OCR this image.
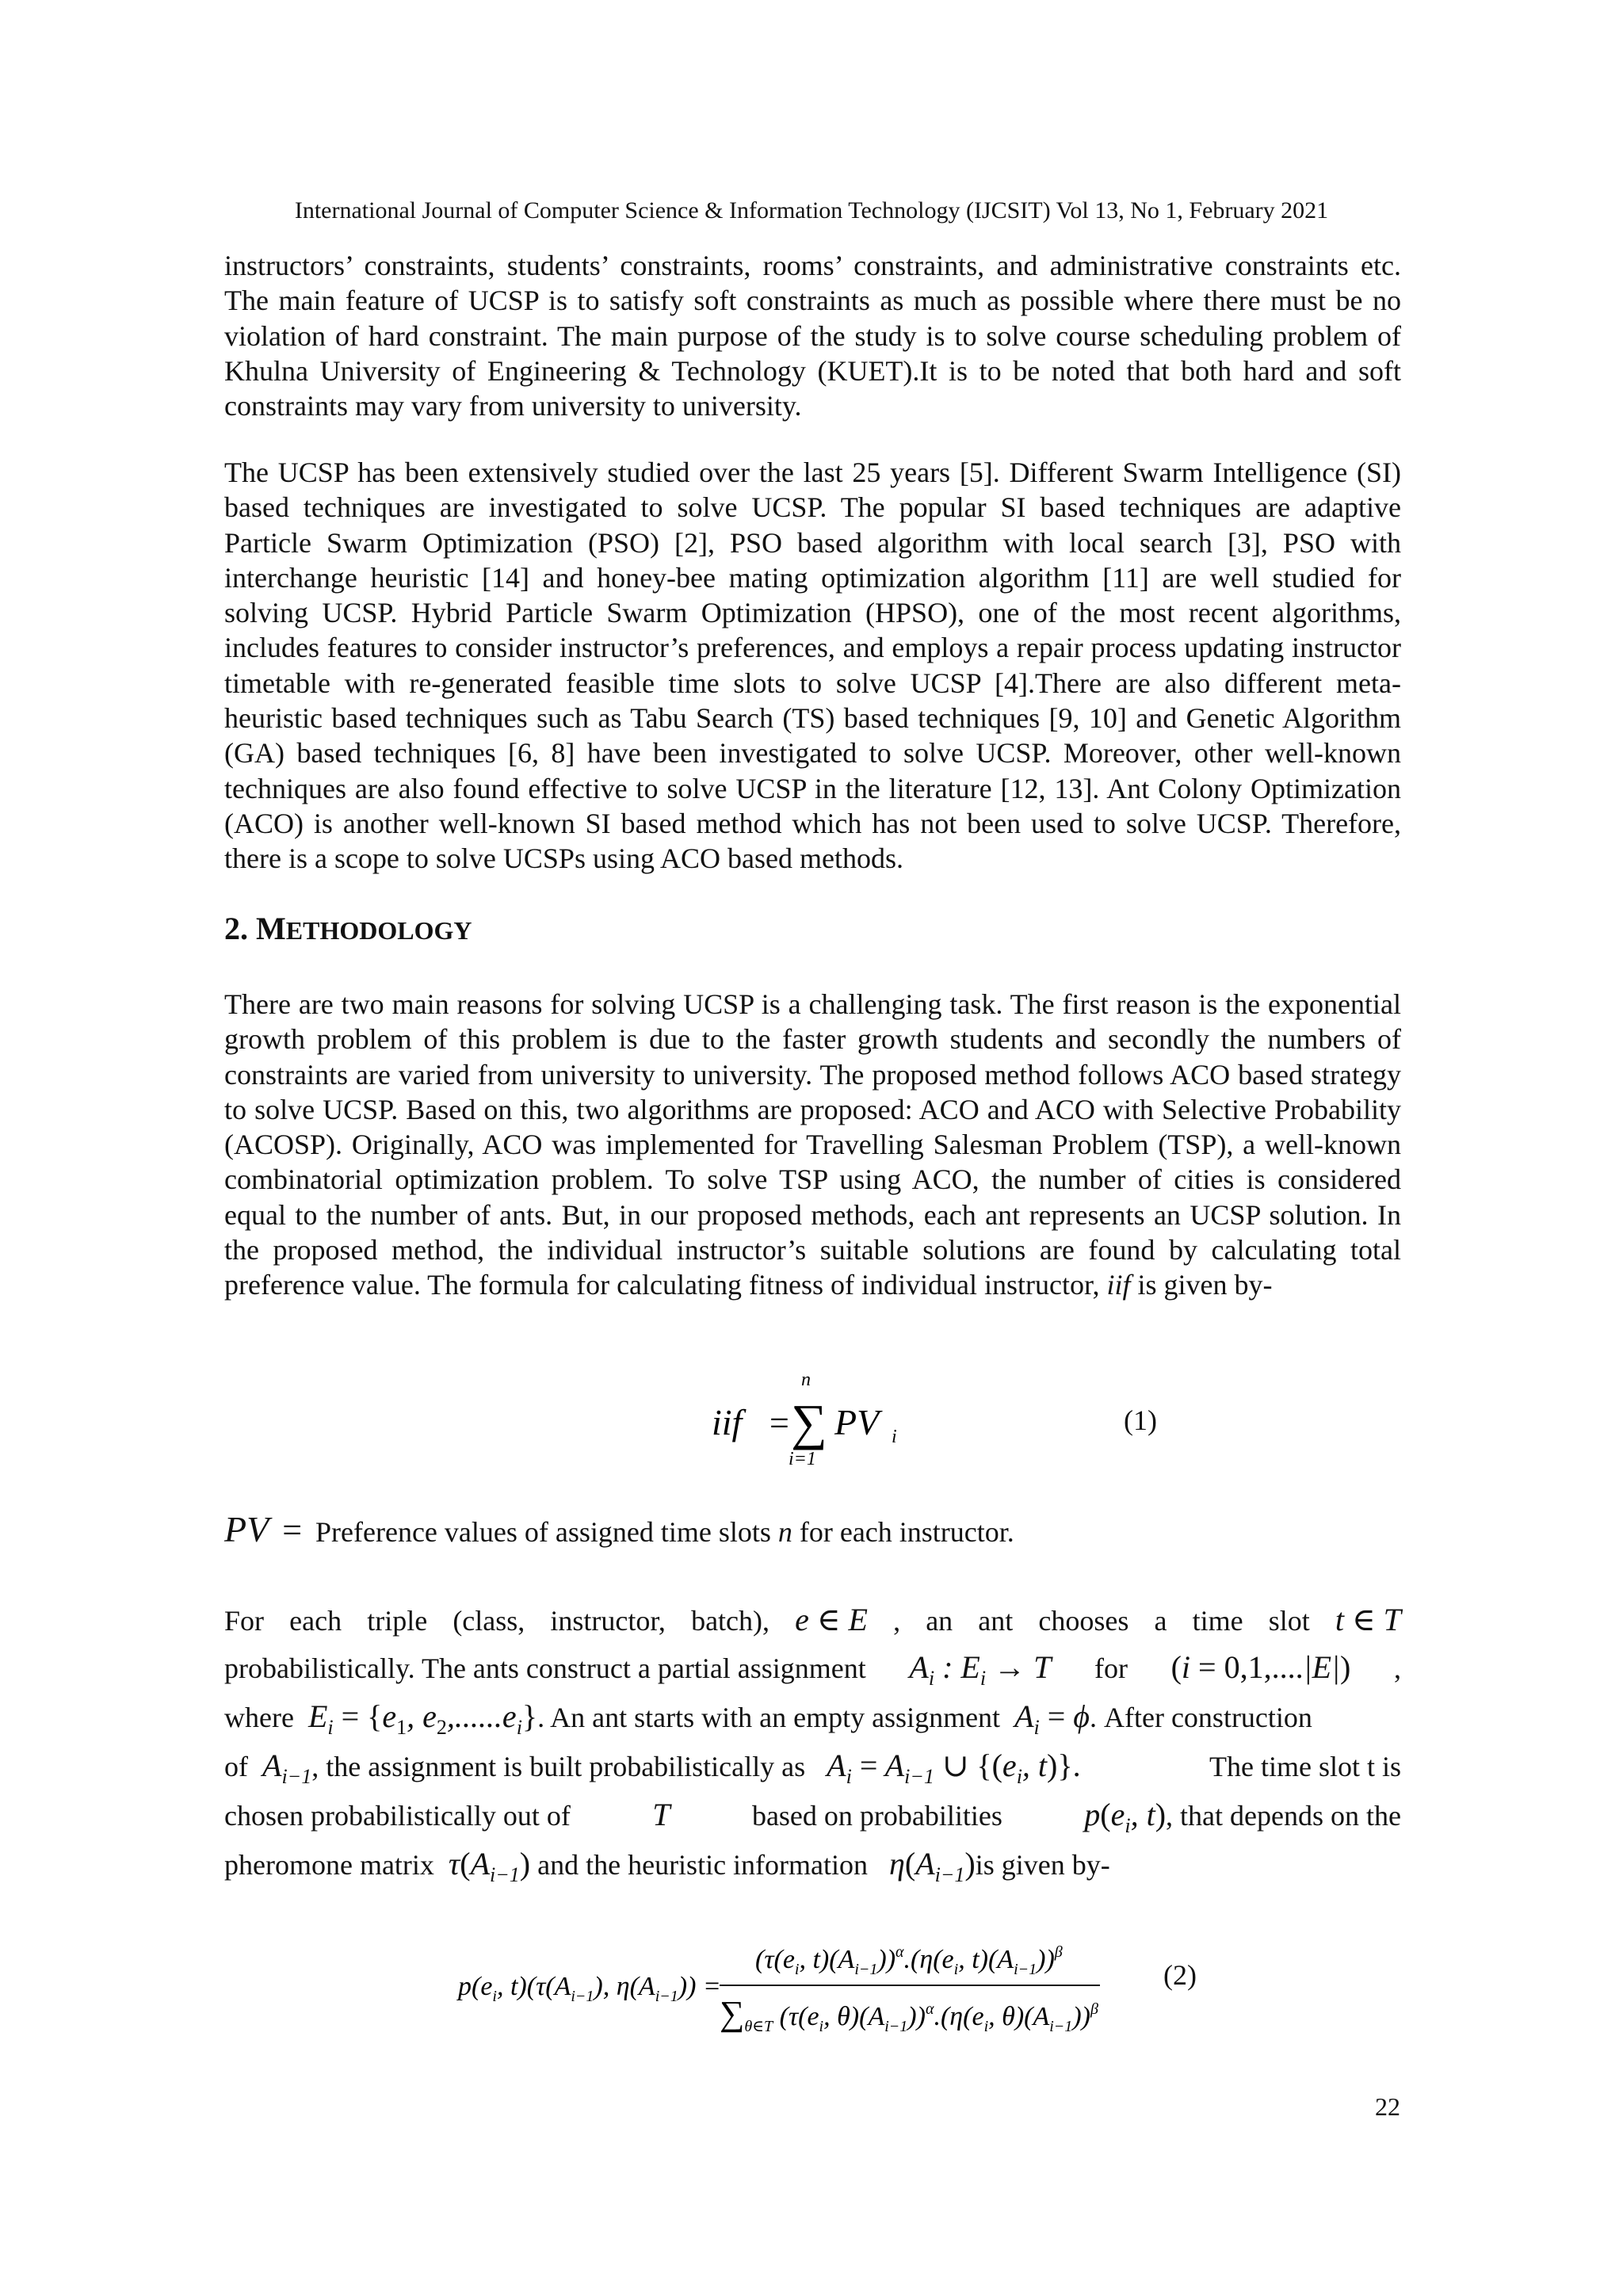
International Journal of Computer Science & Information Technology (IJCSIT) Vol 13, No 1, February 2021
instructors’ constraints, students’ constraints, rooms’ constraints, and administrative constraints etc. The main feature of UCSP is to satisfy soft constraints as much as possible where there must be no violation of hard constraint. The main purpose of the study is to solve course scheduling problem of Khulna University of Engineering & Technology (KUET).It is to be noted that both hard and soft constraints may vary from university to university.
The UCSP has been extensively studied over the last 25 years [5]. Different Swarm Intelligence (SI) based techniques are investigated to solve UCSP. The popular SI based techniques are adaptive Particle Swarm Optimization (PSO) [2], PSO based algorithm with local search [3], PSO with interchange heuristic [14] and honey-bee mating optimization algorithm [11] are well studied for solving UCSP. Hybrid Particle Swarm Optimization (HPSO), one of the most recent algorithms, includes features to consider instructor’s preferences, and employs a repair process updating instructor timetable with re-generated feasible time slots to solve UCSP [4].There are also different meta-heuristic based techniques such as Tabu Search (TS) based techniques [9, 10] and Genetic Algorithm (GA) based techniques [6, 8] have been investigated to solve UCSP. Moreover, other well-known techniques are also found effective to solve UCSP in the literature [12, 13]. Ant Colony Optimization (ACO) is another well-known SI based method which has not been used to solve UCSP. Therefore, there is a scope to solve UCSPs using ACO based methods.
2. METHODOLOGY
There are two main reasons for solving UCSP is a challenging task. The first reason is the exponential growth problem of this problem is due to the faster growth students and secondly the numbers of constraints are varied from university to university. The proposed method follows ACO based strategy to solve UCSP. Based on this, two algorithms are proposed: ACO and ACO with Selective Probability (ACOSP). Originally, ACO was implemented for Travelling Salesman Problem (TSP), a well-known combinatorial optimization problem. To solve TSP using ACO, the number of cities is considered equal to the number of ants. But, in our proposed methods, each ant represents an UCSP solution. In the proposed method, the individual instructor’s suitable solutions are found by calculating total preference value. The formula for calculating fitness of individual instructor, iif is given by-
iif =
n
∑
i=1
PV i
(1)
PV = Preference values of assigned time slots n for each instructor.
For each triple (class, instructor, batch), e ∈ E , an ant chooses a time slot t ∈ T
probabilistically. The ants construct a partial assignment $A_i$ : $E_i \to T$ for (i = 0,1,....|E|) ,
where $E_i = \{e_1$, $e_2,......e_i$}. An ant starts with an empty assignment $A_i = \phi$. After construction
of $A_{i-1}$, the assignment is built probabilistically as $A_i = A_{i-1}$ ∪ {($e_i$, t)}.	The time slot t is
chosen probabilistically out of	T	based on probabilities	$p(e_i$, t), that depends on the
pheromone matrix $\tau(A_{i-1})$ and the heuristic information $\eta(A_{i-1})is$ given by-
$p(e_i$, $t)(\tau(A_{i-1})$, $\eta(A_{i-1})$) =
($\tau(e_i$, $t)(A_{i-1}))^\alpha.(\eta(e_i$, $t)(A_{i-1}))^\beta$
$\sum_{\theta\in T}$ ($\tau(e_i$, $\theta)(A_{i-1}))^\alpha.(\eta(e_i$, $\theta)(A_{i-1}))^\beta$
(2)
22
